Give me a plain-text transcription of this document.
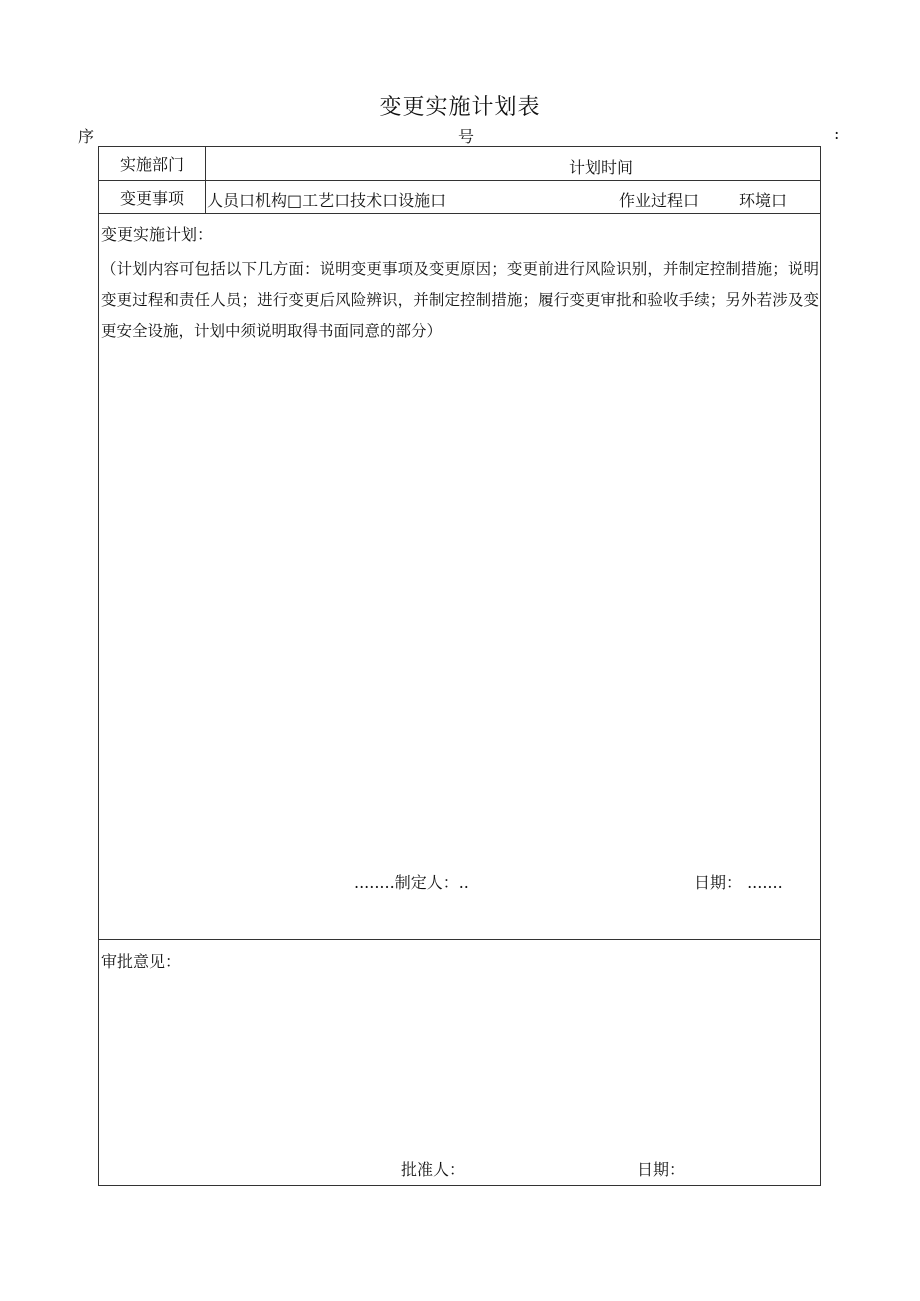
变更实施计划表
序	号	:
实施部门	计划时间
变更事项	人员口机构□工艺口技术口设施口	作业过程口 环境口
变更实施计划：
（计划内容可包括以下几方面：说明变更事项及变更原因；变更前进行风险识别，并制定控制措施；说明变更过程和责任人员；进行变更后风险辨识，并制定控制措施；履行变更审批和验收手续；另外若涉及变更安全设施，计划中须说明取得书面同意的部分）
........制定人：..	日期： .......
审批意见：
批准人：	日期：
